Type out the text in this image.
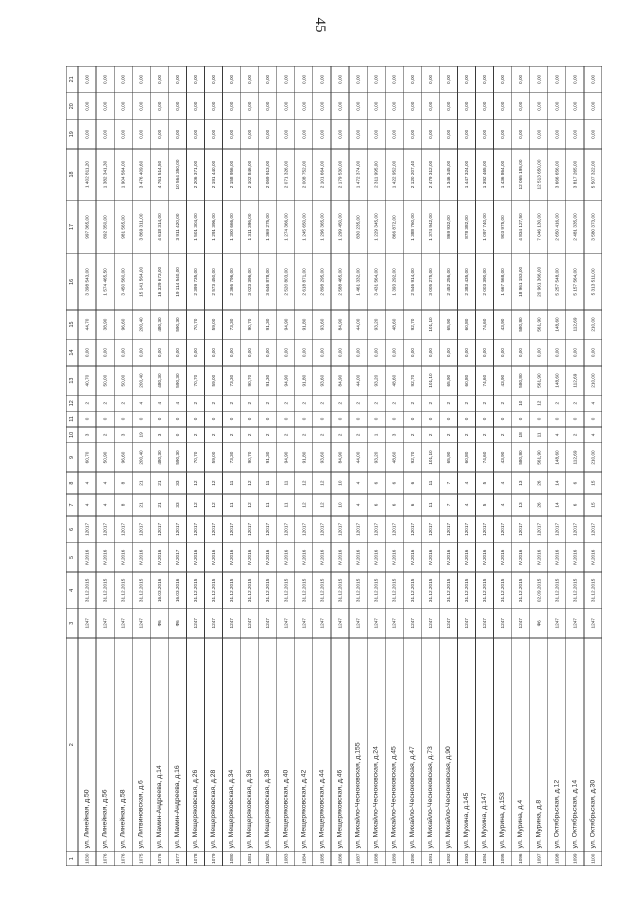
45
1
2
3
4
5
6
7
8
9
10
11
12
13
14
15
16
17
18
19
20
21
1030
ул. Линейная, д.50
1247
31.12.2015
IV.2016
12017
4
4
60,70
3
0
2
40,70
0,00
44,70
3 398 543,00
997 365,00
1 402 811,20
0,00
0,00
0,00
1076
ул. Линейная, д.56
1247
31.12.2015
IV.2016
12017
4
4
50,90
2
0
2
50,00
0,00
38,90
1 574 465,50
892 350,00
1 382 341,30
0,00
0,00
0,00
1076
ул. Линейная, д.58
1247
31.12.2015
IV.2016
12017
8
8
96,60
3
0
2
50,00
0,00
96,60
3 450 560,00
981 565,00
1 904 564,00
0,00
0,00
0,00
1075
ул. Литвиновская, д.6
1247
31.12.2015
IV.2016
12017
21
21
200,40
19
0
4
200,40
0,00
200,40
15 141 564,00
3 869 311,00
3 476 409,60
0,00
0,00
0,00
1076
ул. Мамин-Андреева, д.14
Ф6
16.03.2016
IV.2016
12017
21
21
480,30
3
0
4
480,30
0,00
480,30
16 329 673,00
4 618 314,00
4 761 514,50
0,00
0,00
0,00
1077
ул. Мамин-Андреева, д.16
Ф6
16.03.2016
IV.2017
12017
33
33
590,30
0
0
4
590,30
0,00
590,30
19 114 540,00
3 911 420,00
10 564 350,00
0,00
0,00
0,00
1078
ул. Мещеряковская, д.26
1247
31.12.2015
IV.2016
12017
12
12
70,70
2
0
2
70,70
0,00
70,70
2 399 735,00
1 501 304,00
2 206 371,00
0,00
0,00
0,00
1079
ул. Мещеряковская, д.28
1247
31.12.2015
IV.2016
12017
12
12
59,00
2
0
2
59,00
0,00
59,00
2 573 450,00
1 291 396,00
2 191 440,00
0,00
0,00
0,00
1080
ул. Мещеряковская, д.34
1247
31.12.2015
IV.2016
12017
11
11
73,30
2
0
2
73,30
0,00
73,30
2 366 796,00
1 300 666,00
2 158 956,00
0,00
0,00
0,00
1081
ул. Мещеряковская, д.36
1247
31.12.2015
IV.2016
12017
12
12
90,70
2
0
2
90,70
0,00
90,70
3 023 396,00
1 311 396,00
2 102 846,00
0,00
0,00
0,00
1082
ул. Мещеряковская, д.38
1247
31.12.2015
IV.2016
12017
11
11
91,30
2
0
2
91,30
0,00
91,30
3 646 878,00
1 369 275,00
2 069 913,00
0,00
0,00
0,00
1083
ул. Мещеряковская, д.40
1247
31.12.2015
IV.2016
12017
11
11
94,90
2
0
2
94,90
0,00
94,90
2 520 803,00
1 274 366,00
2 071 326,00
0,00
0,00
0,00
1084
ул. Мещеряковская, д.42
1247
31.12.2015
IV.2016
12017
12
12
91,80
2
0
2
91,80
0,00
91,80
2 618 871,00
1 245 650,00
2 008 752,00
0,00
0,00
0,00
1085
ул. Мещеряковская, д.44
1247
31.12.2015
IV.2016
12017
12
12
93,60
2
0
2
93,60
0,00
93,60
2 898 295,00
1 296 365,00
2 101 664,00
0,00
0,00
0,00
1086
ул. Мещеряковская, д.46
1247
31.12.2015
IV.2016
12017
10
10
84,90
2
0
2
84,90
0,00
84,90
2 588 465,00
1 299 450,00
2 179 530,00
0,00
0,00
0,00
1087
ул. Михайло-Чесноковская, д.155
1247
31.12.2015
IV.2016
12017
4
4
44,00
2
0
2
44,00
0,00
44,00
1 461 332,00
830 235,00
1 472 374,00
0,00
0,00
0,00
1088
ул. Михайло-Чесноковская, д.24
1247
31.12.2015
IV.2016
12017
6
6
93,20
1
0
2
93,20
0,00
93,20
3 431 564,00
1 229 345,00
2 311 995,00
0,00
0,00
0,00
1089
ул. Михайло-Чесноковская, д.45
1247
31.12.2015
IV.2016
12017
6
6
48,60
3
0
2
48,60
0,00
48,60
1 393 292,00
866 872,00
1 422 952,00
0,00
0,00
0,00
1090
ул. Михайло-Чесноковская, д.47
1247
31.12.2015
IV.2016
12017
6
6
92,70
2
0
2
92,70
0,00
92,70
2 546 914,00
1 388 760,00
2 120 207,40
0,00
0,00
0,00
1091
ул. Михайло-Чесноковская, д.73
1247
31.12.2015
IV.2016
12017
11
11
101,10
2
0
2
101,10
0,00
101,10
3 005 275,00
1 374 942,00
2 479 312,00
0,00
0,00
0,00
1092
ул. Михайло-Чесноковская, д.90
1247
31.12.2015
IV.2016
12017
7
7
65,90
2
0
2
65,90
0,00
65,90
2 452 256,00
869 932,00
1 346 345,00
0,00
0,00
0,00
1093
ул. Мухина, д.145
1247
31.12.2015
IV.2016
12017
4
4
60,80
2
0
2
60,80
0,00
60,80
2 383 435,00
878 382,00
1 447 324,00
0,00
0,00
0,00
1094
ул. Мухина, д.147
1247
31.12.2015
IV.2016
12017
5
5
74,60
2
0
2
74,60
0,00
74,60
2 003 390,00
1 097 740,00
1 392 465,00
0,00
0,00
0,00
1095
ул. Мурина, д.153
1247
31.12.2015
IV.2016
12017
4
4
43,90
2
0
2
43,90
0,00
43,90
1 667 568,00
903 975,00
1 436 864,00
0,00
0,00
0,00
1096
ул. Мурина, д.4
1247
31.12.2015
IV.2016
12017
13
13
580,80
18
0
10
580,80
0,00
580,80
18 961 153,00
4 834 127,50
12 065 195,00
0,00
0,00
0,00
1097
ул. Мурина, д.8
Ф6
02.09.2015
IV.2016
12017
26
26
561,90
11
0
12
561,90
0,00
561,90
20 961 366,00
7 046 130,00
12 513 650,00
0,00
0,00
0,00
1098
ул. Октябрьская, д.12
1247
31.12.2015
IV.2016
12017
14
14
148,60
4
0
2
148,60
0,00
148,60
5 257 548,00
2 650 416,00
3 666 656,00
0,00
0,00
0,00
1099
ул. Октябрьская, д.14
1247
31.12.2015
IV.2016
12017
6
6
112,69
2
0
2
112,69
0,00
112,69
5 157 564,00
2 481 335,00
3 817 265,00
0,00
0,00
0,00
1100
ул. Октябрьская, д.30
1247
31.12.2015
IV.2016
12017
15
15
210,00
4
0
4
210,00
0,00
210,00
5 313 511,00
3 580 373,00
5 507 322,00
0,00
0,00
0,00
